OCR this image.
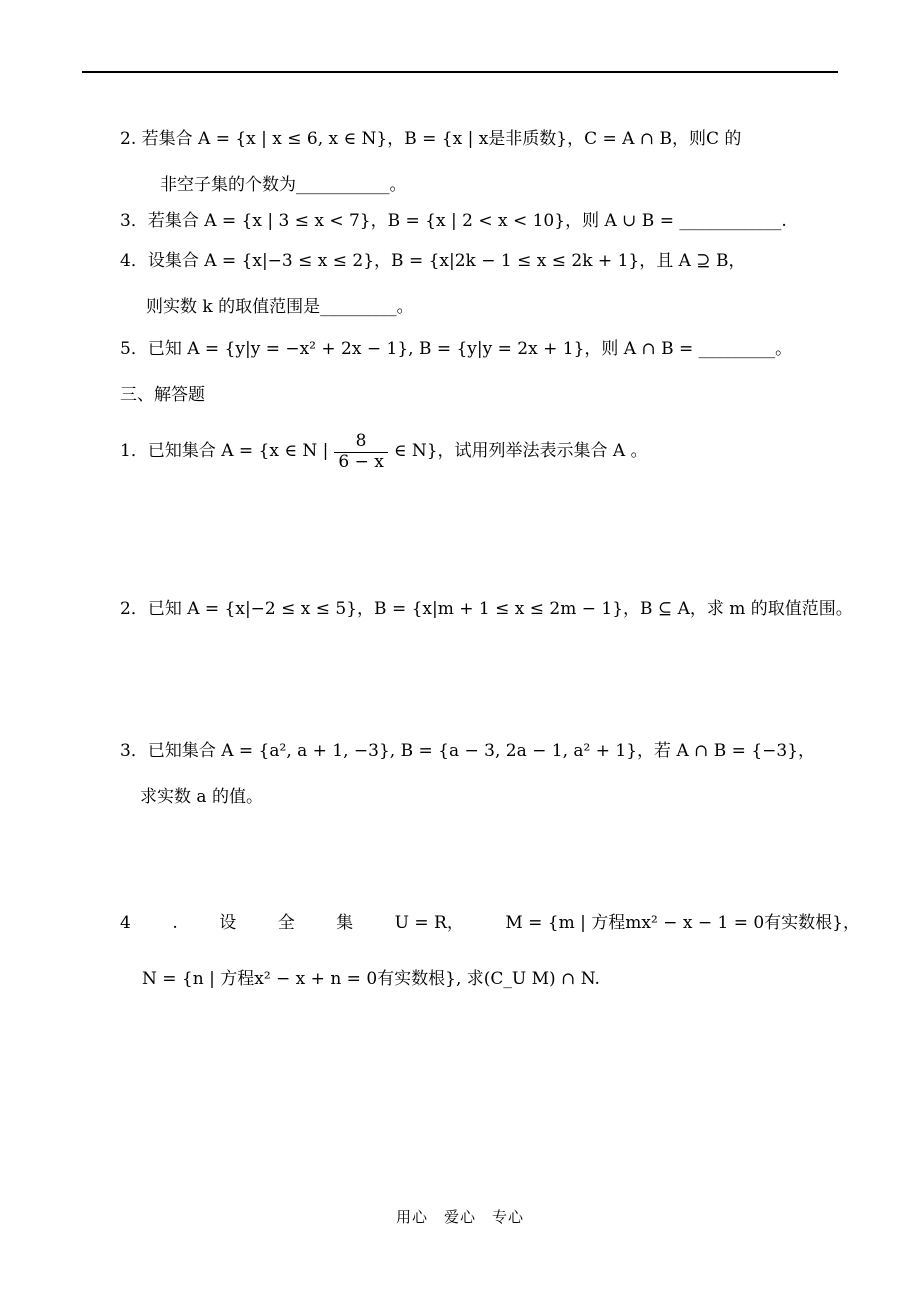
2. 若集合 A = {x | x ≤ 6, x ∈ N}，B = {x | x是非质数}，C = A ∩ B，则C 的
非空子集的个数为___________。
3．若集合 A = {x | 3 ≤ x < 7}，B = {x | 2 < x < 10}，则 A ∪ B = ____________.
4．设集合 A = {x|−3 ≤ x ≤ 2}，B = {x|2k − 1 ≤ x ≤ 2k + 1}，且 A ⊇ B，
则实数 k 的取值范围是_________。
5．已知 A = {y|y = −x² + 2x − 1}, B = {y|y = 2x + 1}，则 A ∩ B = _________。
三、解答题
1．已知集合 A = {x ∈ N | $\frac{8}{6 - x}$ ∈ N}，试用列举法表示集合 A 。
2．已知 A = {x|−2 ≤ x ≤ 5}，B = {x|m + 1 ≤ x ≤ 2m − 1}，B ⊆ A，求 m 的取值范围。
3．已知集合 A = {a², a + 1, −3}, B = {a − 3, 2a − 1, a² + 1}，若 A ∩ B = {−3}，
求实数 a 的值。
4 . 设 全 集 U = R， M = {m | 方程mx² − x − 1 = 0有实数根}，
N = {n | 方程x² − x + n = 0有实数根}, 求(C_U M) ∩ N.
用心　爱心　专心
